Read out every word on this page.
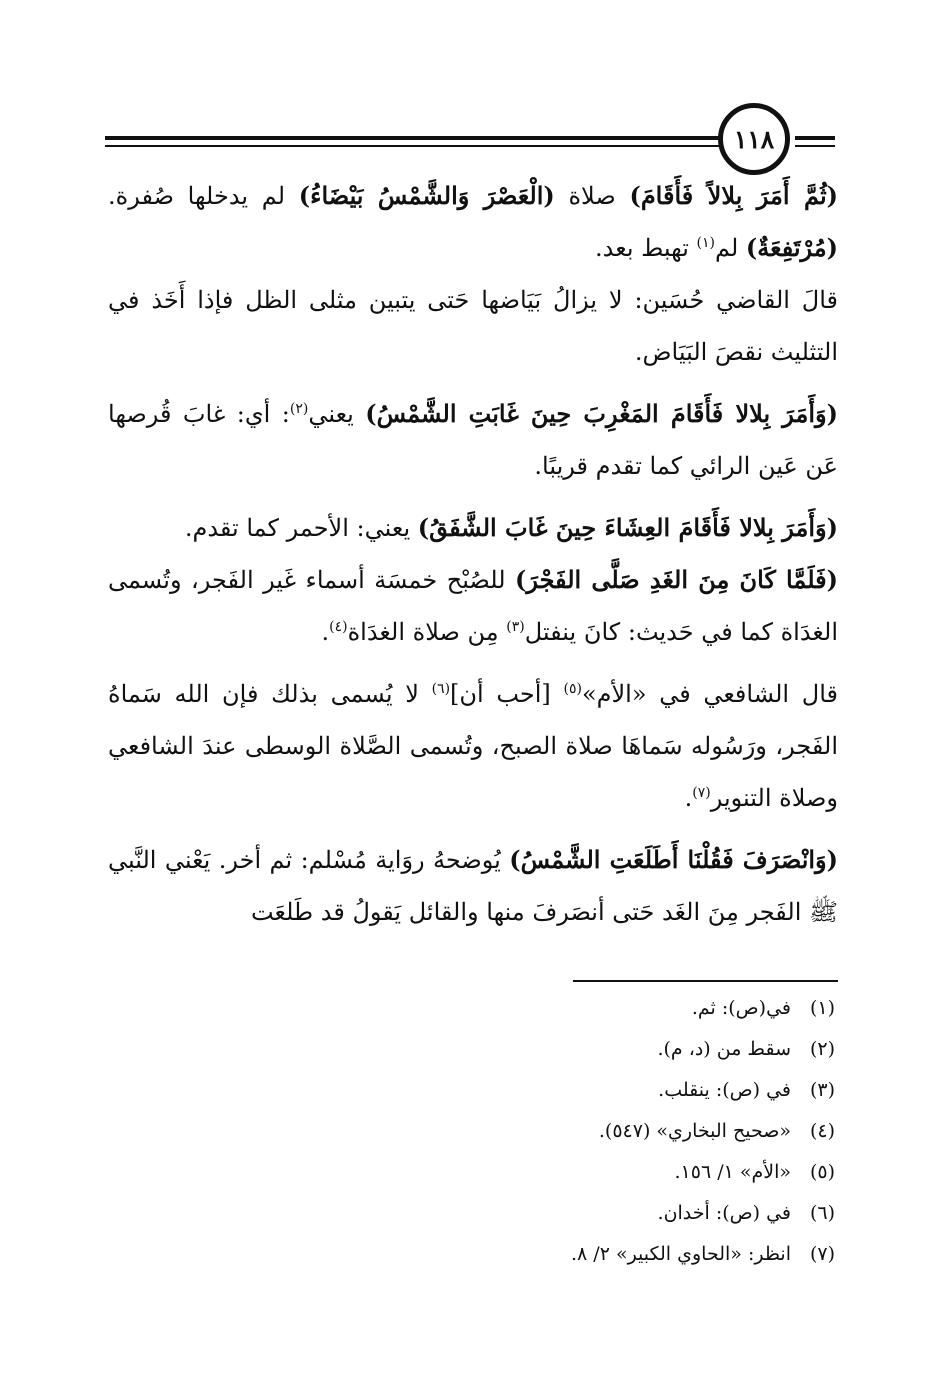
١١٨

(ثُمَّ أَمَرَ بِلالاً فَأَقَامَ) صلاة (الْعَصْرَ وَالشَّمْسُ بَيْضَاءُ) لم يدخلها صُفرة. (مُرْتَفِعَةٌ) لم$^{(١)}$ تهبط بعد.

قالَ القاضي حُسَين: لا يزالُ بَيَاضها حَتى يتبين مثلى الظل فإذا أَخَذ في التثليث نقصَ البَيَاض.

(وَأَمَرَ بِلالا فَأَقَامَ المَغْرِبَ حِينَ غَابَتِ الشَّمْسُ) يعني$^{(٢)}$: أي: غابَ قُرصها عَن عَين الرائي كما تقدم قريبًا.

(وَأَمَرَ بِلالا فَأَقَامَ العِشَاءَ حِينَ غَابَ الشَّفَقُ) يعني: الأحمر كما تقدم.

(فَلَمَّا كَانَ مِنَ الغَدِ صَلَّى الفَجْرَ) للصُبْح خمسَة أسماء غَير الفَجر، وتُسمى الغدَاة كما في حَديث: كانَ ينفتل$^{(٣)}$ مِن صلاة الغدَاة$^{(٤)}$.

قال الشافعي في «الأم»$^{(٥)}$ [أحب أن]$^{(٦)}$ لا يُسمى بذلك فإن الله سَماهُ الفَجر، ورَسُوله سَماهَا صلاة الصبح، وتُسمى الصَّلاة الوسطى عندَ الشافعي وصلاة التنوير$^{(٧)}$.

(وَانْصَرَفَ فَقُلْنَا أَطَلَعَتِ الشَّمْسُ) يُوضحهُ روَاية مُسْلم: ثم أخر. يَعْني النَّبي ﷺ الفَجر مِنَ الغَد حَتى أنصَرفَ منها والقائل يَقولُ قد طَلعَت

(١)في(ص): ثم.
(٢)سقط من (د، م).
(٣)في (ص): ينقلب.
(٤)«صحيح البخاري» (٥٤٧).
(٥)«الأم» ١/ ١٥٦.
(٦)في (ص): أخدان.
(٧)انظر: «الحاوي الكبير» ٢/ ٨.
